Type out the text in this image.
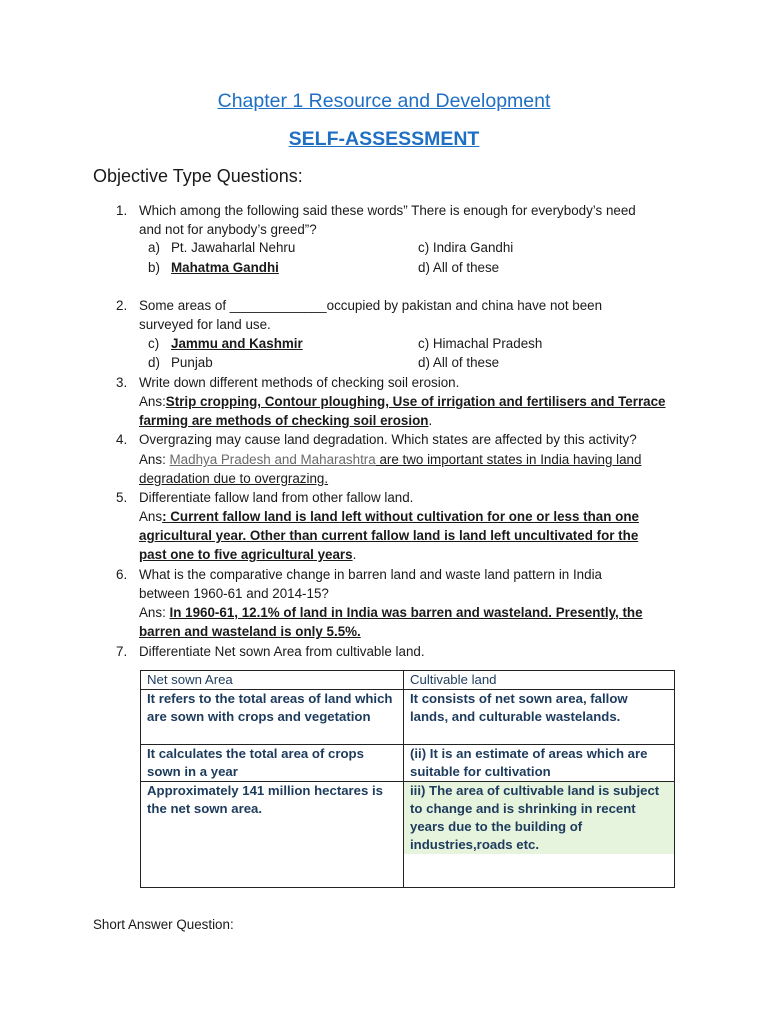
Chapter 1 Resource and Development
SELF-ASSESSMENT
Objective Type Questions:
1. Which among the following said these words” There is enough for everybody’s need
and not for anybody’s greed”?
a) Pt. Jawaharlal Nehru	c) Indira Gandhi
b) Mahatma Gandhi	d) All of these
2. Some areas of _____________occupied by pakistan and china have not been
surveyed for land use.
c) Jammu and Kashmir	c) Himachal Pradesh
d) Punjab	d) All of these
3. Write down different methods of checking soil erosion.
Ans:Strip cropping, Contour ploughing, Use of irrigation and fertilisers and Terrace
farming are methods of checking soil erosion.
4. Overgrazing may cause land degradation. Which states are affected by this activity?
Ans: Madhya Pradesh and Maharashtra are two important states in India having land
degradation due to overgrazing.
5. Differentiate fallow land from other fallow land.
Ans: Current fallow land is land left without cultivation for one or less than one
agricultural year. Other than current fallow land is land left uncultivated for the
past one to five agricultural years.
6. What is the comparative change in barren land and waste land pattern in India
between 1960-61 and 2014-15?
Ans: In 1960-61, 12.1% of land in India was barren and wasteland. Presently, the
barren and wasteland is only 5.5%.
7. Differentiate Net sown Area from cultivable land.
Net sown Area	Cultivable land
It refers to the total areas of land which are sown with crops and vegetation	It consists of net sown area, fallow lands, and culturable wastelands.
It calculates the total area of crops sown in a year	(ii) It is an estimate of areas which are suitable for cultivation
Approximately 141 million hectares is the net sown area.	iii) The area of cultivable land is subject to change and is shrinking in recent years due to the building of industries,roads etc.
Short Answer Question:
